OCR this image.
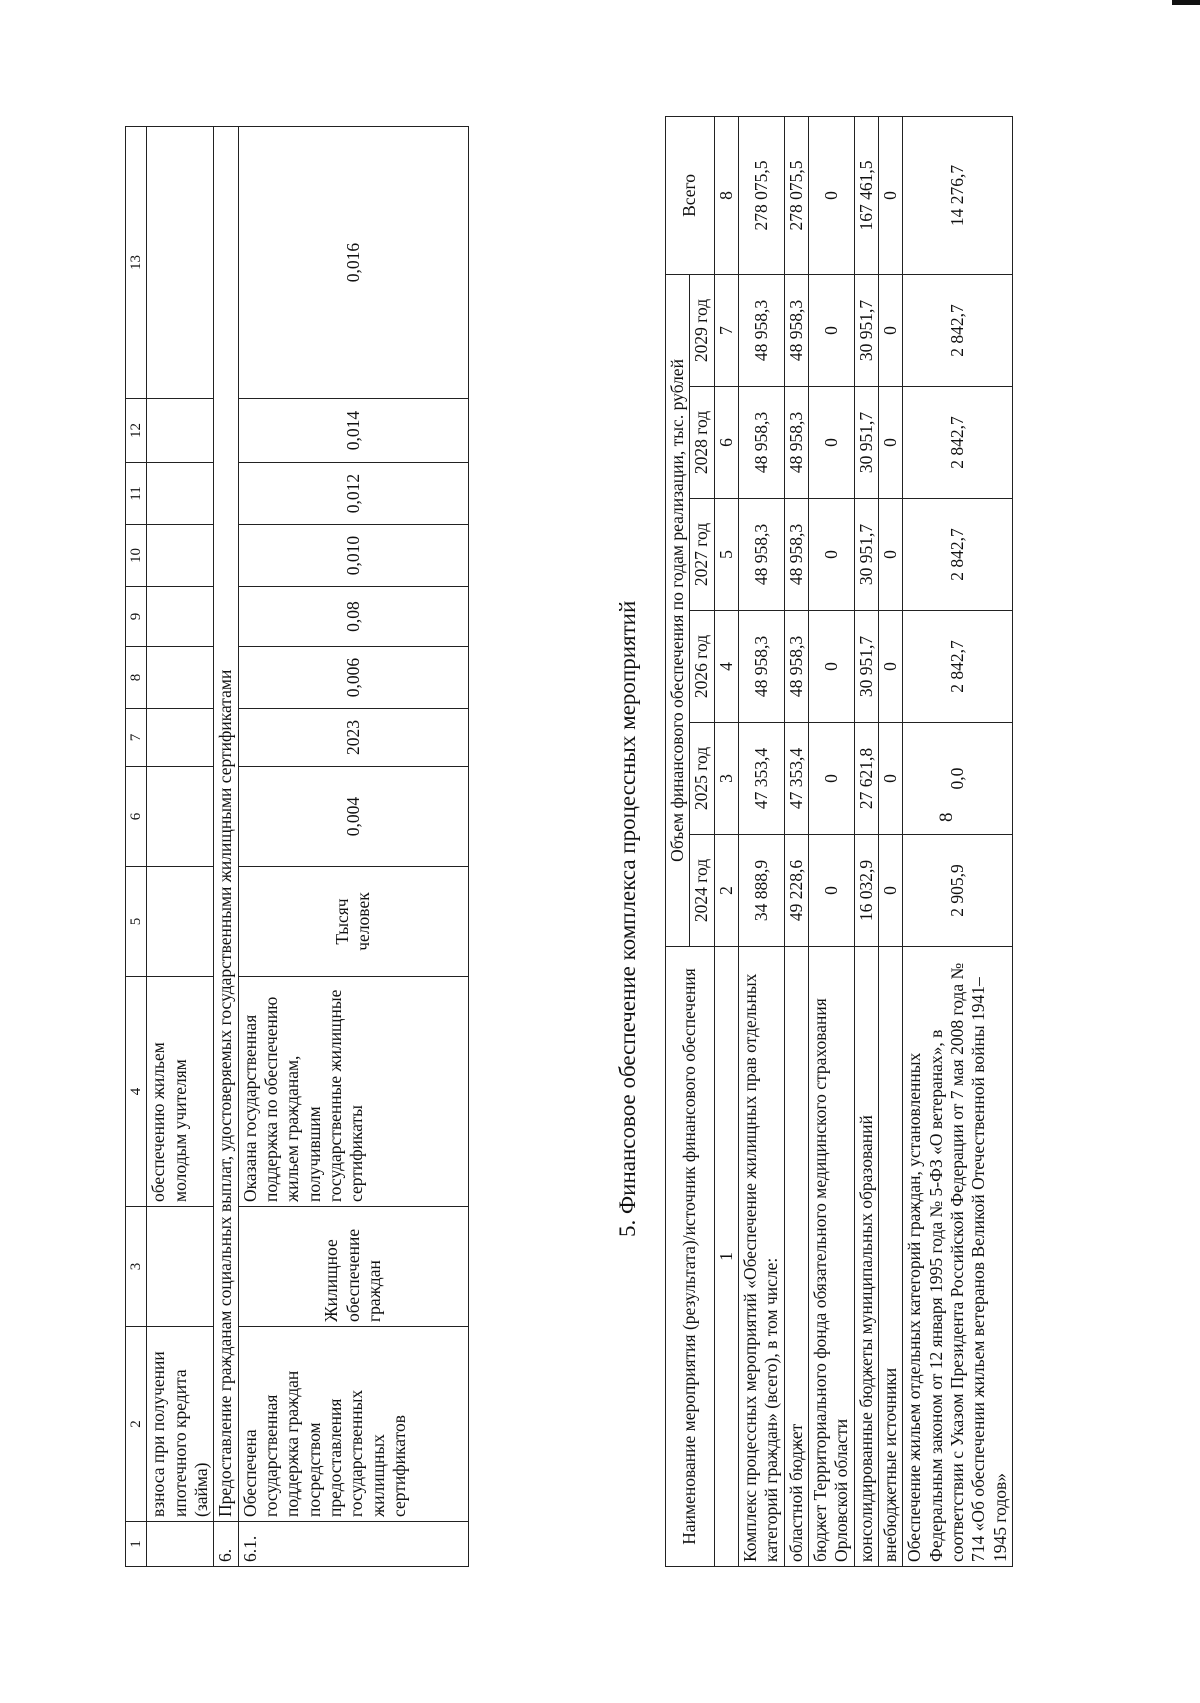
8
1	2	3	4	5	6	7	8	9	10	11	12	13
	взноса при получении ипотечного кредита (займа)		обеспечению жильем молодым учителям									
6.	Предоставление гражданам социальных выплат, удостоверяемых государственными жилищными сертификатами											
6.1.	Обеспечена государственная поддержка граждан посредством предоставления государственных жилищных сертификатов	Жилищное обеспечение граждан	Оказана государственная поддержка по обеспечению жильем гражданам, получившим государственные жилищные сертификаты	Тысяч человек	0,004	2023	0,006	0,08	0,010	0,012	0,014	0,016
5. Финансовое обеспечение комплекса процессных мероприятий
Наименование мероприятия (результата)/источник финансового обеспечения	Объем финансового обеспечения по годам реализации, тыс. рублей						Всего
	2024 год	2025 год	2026 год	2027 год	2028 год	2029 год	
1	2	3	4	5	6	7	8
Комплекс процессных мероприятий «Обеспечение жилищных прав отдельных категорий граждан» (всего), в том числе:	34 888,9	47 353,4	48 958,3	48 958,3	48 958,3	48 958,3	278 075,5
областной бюджет	49 228,6	47 353,4	48 958,3	48 958,3	48 958,3	48 958,3	278 075,5
бюджет Территориального фонда обязательного медицинского страхования Орловской области	0	0	0	0	0	0	0
консолидированные бюджеты муниципальных образований	16 032,9	27 621,8	30 951,7	30 951,7	30 951,7	30 951,7	167 461,5
внебюджетные источники	0	0	0	0	0	0	0
Обеспечение жильем отдельных категорий граждан, установленных Федеральным законом от 12 января 1995 года № 5-ФЗ «О ветеранах», в соответствии с Указом Президента Российской Федерации от 7 мая 2008 года № 714 «Об обеспечении жильем ветеранов Великой Отечественной войны 1941–1945 годов»	2 905,9	0,0	2 842,7	2 842,7	2 842,7	2 842,7	14 276,7
